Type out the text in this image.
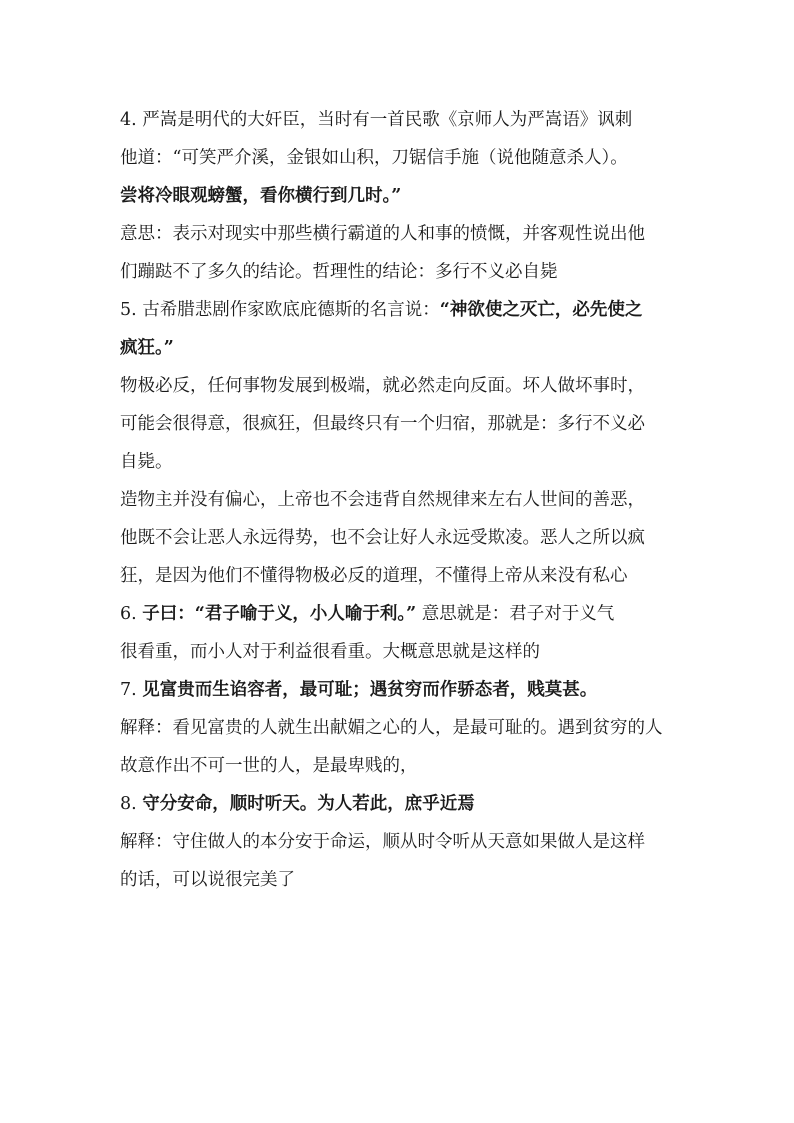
4. 严嵩是明代的大奸臣，当时有一首民歌《京师人为严嵩语》讽刺
他道：“可笑严介溪，金银如山积，刀锯信手施（说他随意杀人）。
尝将冷眼观螃蟹，看你横行到几时。”
意思：表示对现实中那些横行霸道的人和事的愤慨，并客观性说出他
们蹦跶不了多久的结论。哲理性的结论：多行不义必自毙
5. 古希腊悲剧作家欧底庇德斯的名言说：“神欲使之灭亡，必先使之
疯狂。”
物极必反，任何事物发展到极端，就必然走向反面。坏人做坏事时，
可能会很得意，很疯狂，但最终只有一个归宿，那就是：多行不义必
自毙。
造物主并没有偏心，上帝也不会违背自然规律来左右人世间的善恶，
他既不会让恶人永远得势，也不会让好人永远受欺凌。恶人之所以疯
狂，是因为他们不懂得物极必反的道理，不懂得上帝从来没有私心
6. 子曰：“君子喻于义，小人喻于利。” 意思就是：君子对于义气
很看重，而小人对于利益很看重。大概意思就是这样的
7. 见富贵而生谄容者，最可耻；遇贫穷而作骄态者，贱莫甚。
解释：看见富贵的人就生出献媚之心的人，是最可耻的。遇到贫穷的人
故意作出不可一世的人，是最卑贱的，
8. 守分安命，顺时听天。为人若此，庶乎近焉
解释：守住做人的本分安于命运，顺从时令听从天意如果做人是这样
的话，可以说很完美了
